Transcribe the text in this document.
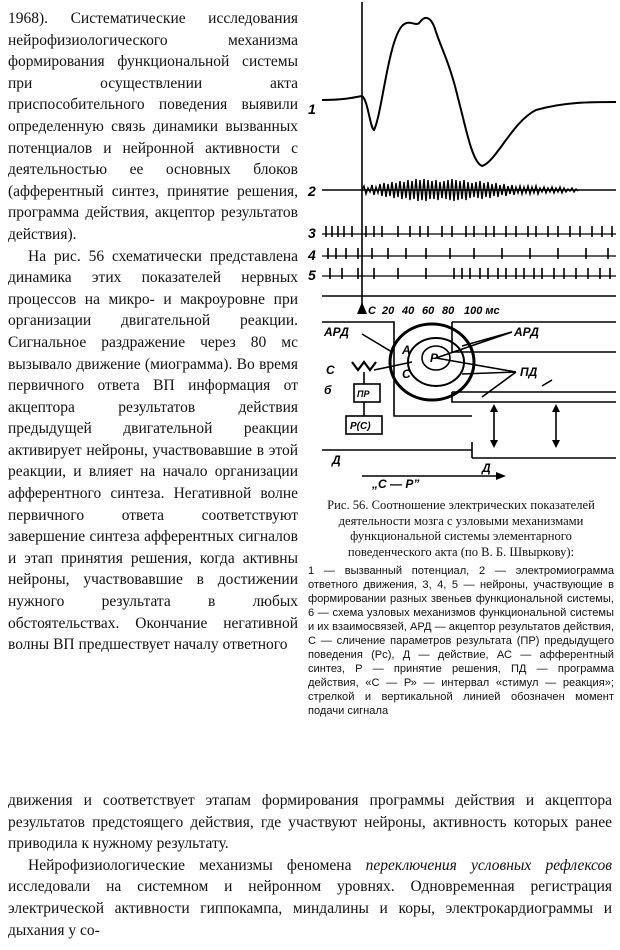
1968). Систематические исследования нейрофизиологического механизма формирования функциональной системы при осуществлении акта приспособительного поведения выявили определенную связь динамики вызванных потенциалов и нейронной активности с деятельностью ее основных блоков (афферентный синтез, принятие решения, программа действия, акцептор результатов действия).

На рис. 56 схематически представлена динамика этих показателей нервных процессов на микро- и макроуровне при организации двигательной реакции. Сигнальное раздражение через 80 мс вызывало движение (миограмма). Во время первичного ответа ВП информация от акцептора результатов действия предыдущей двигательной реакции активирует нейроны, участвовавшие в этой реакции, и влияет на начало организации афферентного синтеза. Негативной волне первичного ответа соответствуют завершение синтеза афферентных сигналов и этап принятия решения, когда активны нейроны, участвовавшие в достижении нужного результата в любых обстоятельствах. Окончание негативной волны ВП предшествует началу ответного

1
2
3
4
5
С 20 40 60 80 100 мс
АРД	АРД
А
Р
С
С	ПД
б	ПР
Р(С)
Д
Д
„С — Р”
Рис. 56. Соотношение электрических показателей деятельности мозга с узловыми механизмами функциональной системы элементарного поведенческого акта (по В. Б. Швыркову):
1 — вызванный потенциал, 2 — электромиограмма ответного движения, 3, 4, 5 — нейроны, участвующие в формировании разных звеньев функциональной системы, 6 — схема узловых механизмов функциональной системы и их взаимосвязей, АРД — акцептор результатов действия, С — сличение параметров результата (ПР) предыдущего поведения (Рс), Д — действие, АС — афферентный синтез, Р — принятие решения, ПД — программа действия, «С — Р» — интервал «стимул — реакция»; стрелкой и вертикальной линией обозначен момент подачи сигнала

движения и соответствует этапам формирования программы действия и акцептора результатов предстоящего действия, где участвуют нейроны, активность которых ранее приводила к нужному результату.

Нейрофизиологические механизмы феномена переключения условных рефлексов исследовали на системном и нейронном уровнях. Одновременная регистрация электрической активности гиппокампа, миндалины и коры, электрокардиограммы и дыхания у со-
